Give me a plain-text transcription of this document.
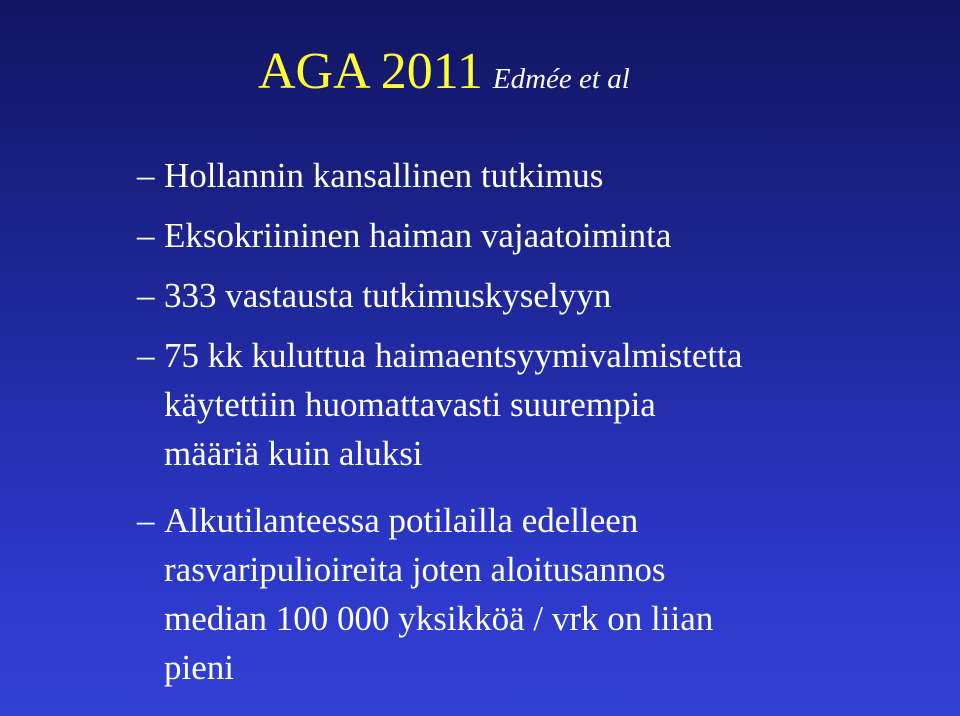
AGA 2011 Edmée et al
– Hollannin kansallinen tutkimus
– Eksokriininen haiman vajaatoiminta
– 333 vastausta tutkimuskyselyyn
– 75 kk kuluttua haimaentsyymivalmistetta
käytettiin huomattavasti suurempia
määriä kuin aluksi
– Alkutilanteessa potilailla edelleen
rasvaripulioireita joten aloitusannos
median 100 000 yksikköä / vrk on liian
pieni
